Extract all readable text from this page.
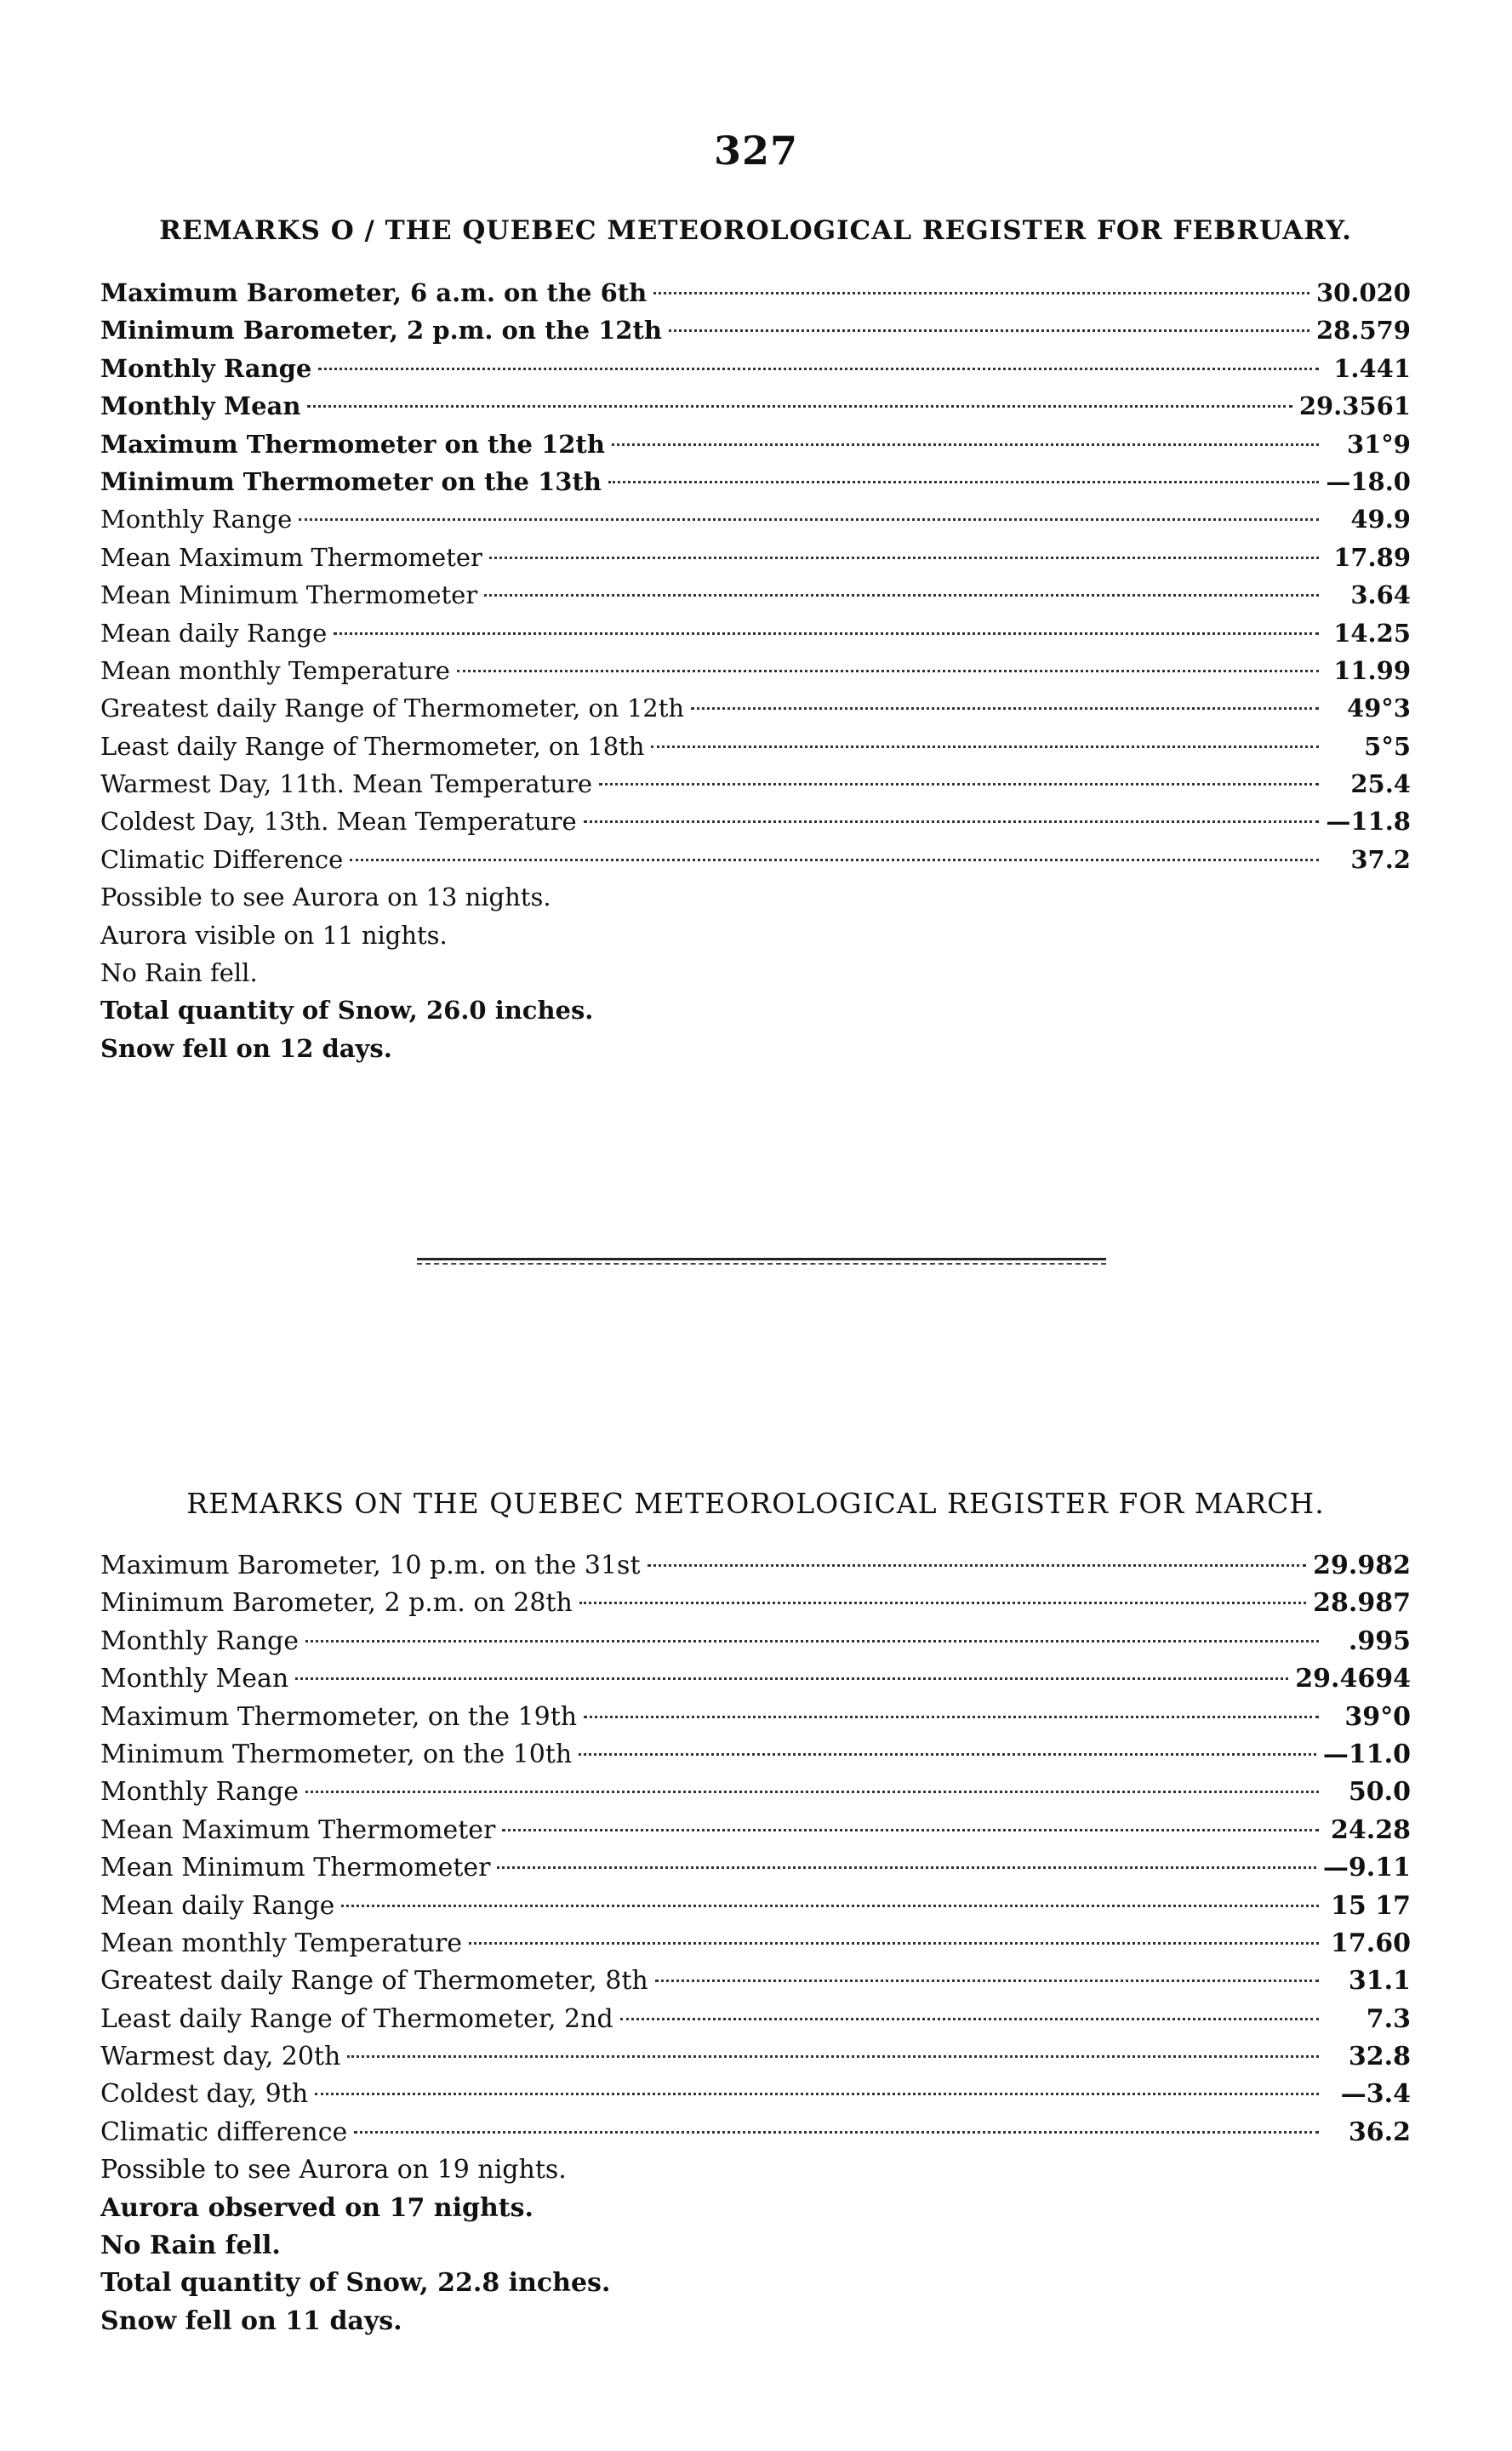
327
REMARKS O / THE QUEBEC METEOROLOGICAL REGISTER FOR FEBRUARY.
Maximum Barometer, 6 a.m. on the 6th	30.020
Minimum Barometer, 2 p.m. on the 12th	28.579
Monthly Range	1.441
Monthly Mean	29.3561
Maximum Thermometer on the 12th	31°9
Minimum Thermometer on the 13th	—18.0
Monthly Range	49.9
Mean Maximum Thermometer	17.89
Mean Minimum Thermometer	3.64
Mean daily Range	14.25
Mean monthly Temperature	11.99
Greatest daily Range of Thermometer, on 12th	49°3
Least daily Range of Thermometer, on 18th	5°5
Warmest Day, 11th. Mean Temperature	25.4
Coldest Day, 13th. Mean Temperature	—11.8
Climatic Difference	37.2
Possible to see Aurora on 13 nights.
Aurora visible on 11 nights.
No Rain fell.
Total quantity of Snow, 26.0 inches.
Snow fell on 12 days.
REMARKS ON THE QUEBEC METEOROLOGICAL REGISTER FOR MARCH.
Maximum Barometer, 10 p.m. on the 31st	29.982
Minimum Barometer, 2 p.m. on 28th	28.987
Monthly Range	.995
Monthly Mean	29.4694
Maximum Thermometer, on the 19th	39°0
Minimum Thermometer, on the 10th	—11.0
Monthly Range	50.0
Mean Maximum Thermometer	24.28
Mean Minimum Thermometer	—9.11
Mean daily Range	15 17
Mean monthly Temperature	17.60
Greatest daily Range of Thermometer, 8th	31.1
Least daily Range of Thermometer, 2nd	7.3
Warmest day, 20th	32.8
Coldest day, 9th	—3.4
Climatic difference	36.2
Possible to see Aurora on 19 nights.
Aurora observed on 17 nights.
No Rain fell.
Total quantity of Snow, 22.8 inches.
Snow fell on 11 days.
